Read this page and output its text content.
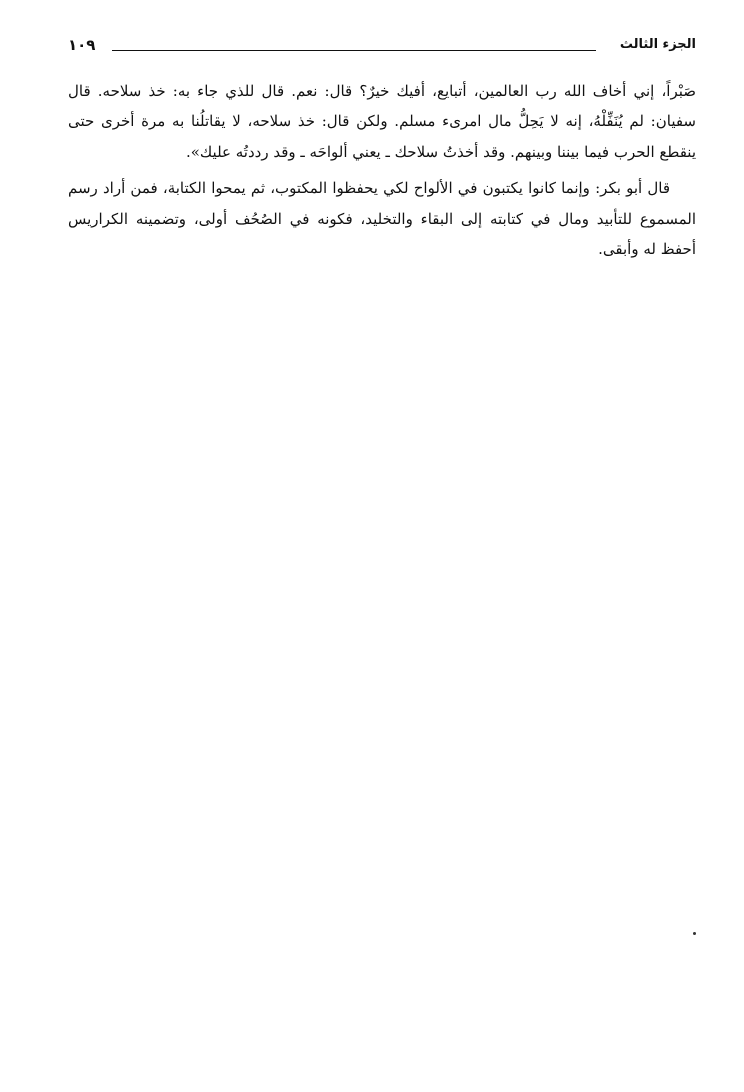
١٠٩	الجزء الثالث

صَبْراً، إني أخاف الله رب العالمين، أتبايع، أفيك خيرٌ؟ قال: نعم. قال للذي جاء به: خذ سلاحه. قال سفيان: لم يُنَفِّلْهُ، إنه لا يَحِلُّ مال امرىء مسلم. ولكن قال: خذ سلاحه، لا يقاتلُنا به مرة أخرى حتى ينقطع الحرب فيما بيننا وبينهم. وقد أخذتُ سلاحك ـ يعني ألواحَه ـ وقد رددتُه عليك».

قال أبو بكر: وإنما كانوا يكتبون في الألواح لكي يحفظوا المكتوب، ثم يمحوا الكتابة، فمن أراد رسم المسموع للتأبيد ومال في كتابته إلى البقاء والتخليد، فكونه في الصُحُف أولى، وتضمينه الكراريس أحفظ له وأبقى.
